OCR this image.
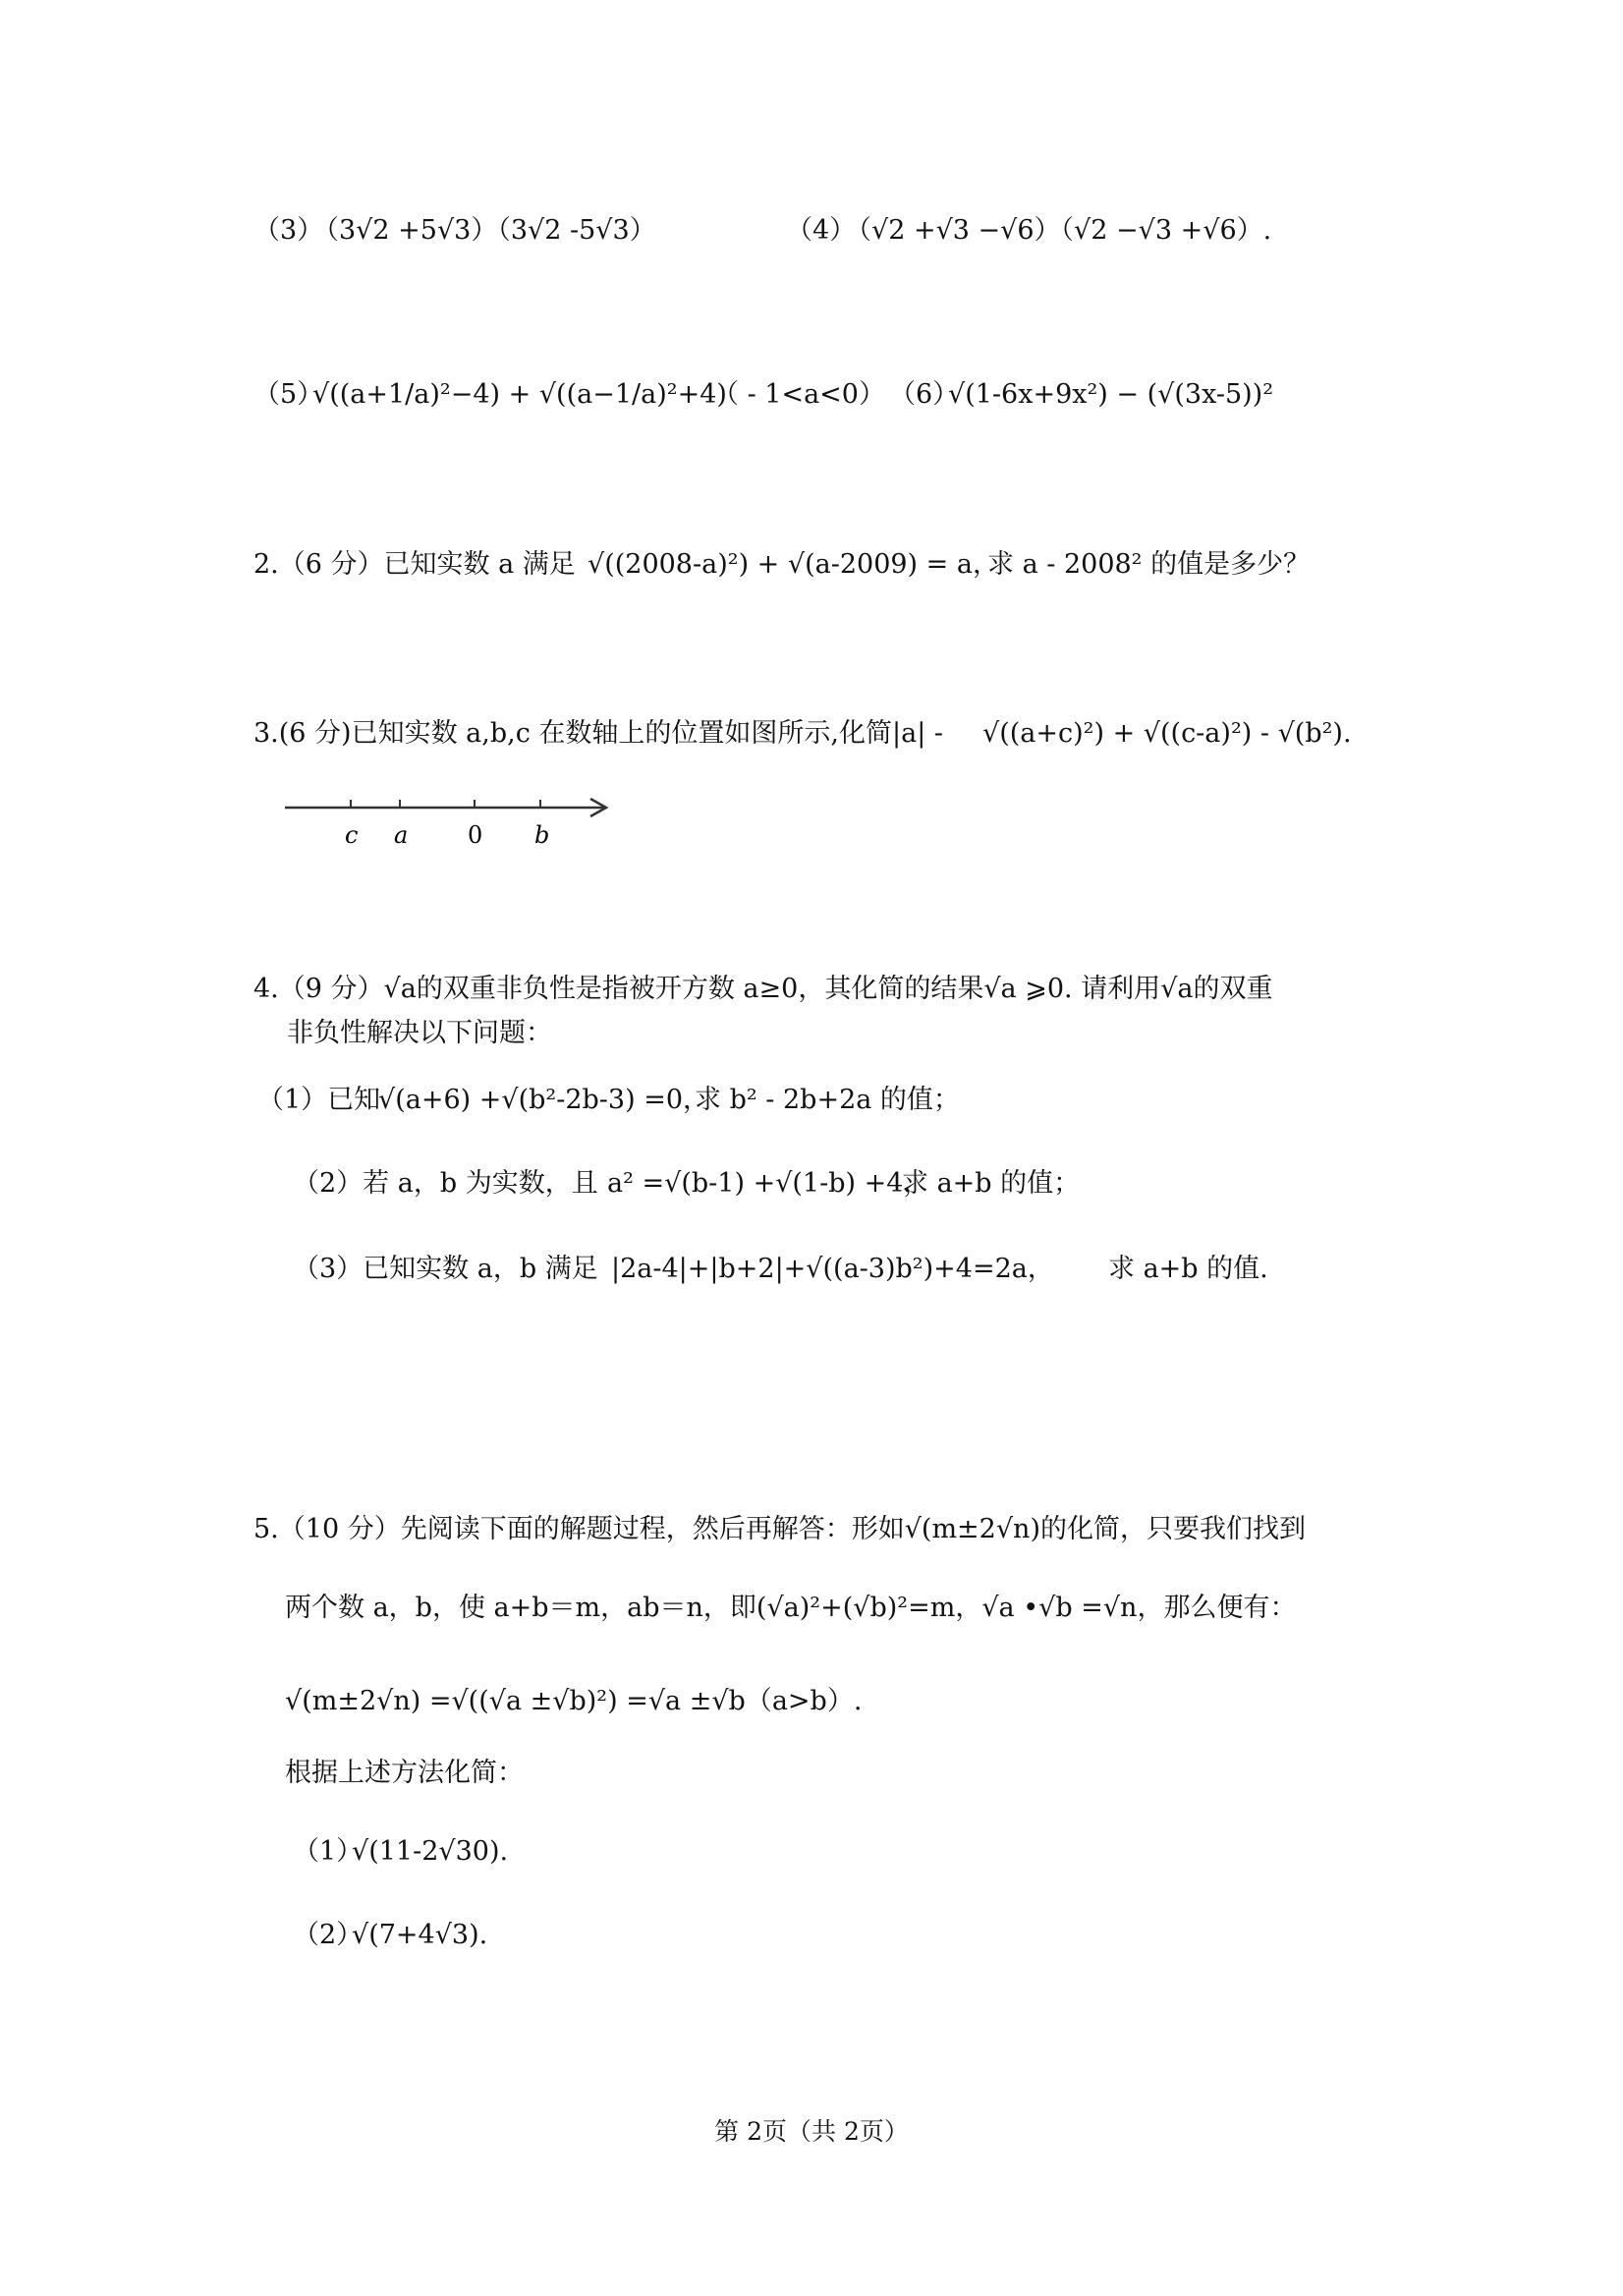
（3）
（3√2 +5√3）（3√2 -5√3）	（4）
（√2 +√3 −√6）（√2 −√3 +√6）.
（5）
√((a+1/a)²−4) + √((a−1/a)²+4)
（ - 1<a<0） （6）
√(1-6x+9x²) − (√(3x-5))²
2.（6 分）已知实数 a 满足 √((2008-a)²) + √(a-2009) = a，
求 a - 2008² 的值是多少？
3.(6 分)已知实数 a,b,c 在数轴上的位置如图所示,化简|a| - √((a+c)²) + √((c-a)²) - √(b²).
c a	0 b
4.（9 分）√a的双重非负性是指被开方数 a≥0，其化简的结果√a ⩾0. 请利用√a的双重
非负性解决以下问题：
（1）已知
√(a+6) +√(b²-2b-3) =0，
求 b² - 2b+2a 的值；
（2）若 a，b 为实数，且 a² =√(b-1) +√(1-b) +4，
求 a+b 的值；
（3）已知实数 a，b 满足 |2a-4|+|b+2|+√((a-3)b²)+4=2a， 求 a+b 的值.
5.（10 分）先阅读下面的解题过程，然后再解答：形如√(m±2√n)的化简，只要我们找到
两个数 a，b，使 a+b＝m，ab＝n，即(√a)²+(√b)²=m，√a •√b =√n，那么便有：
√(m±2√n) =√((√a ±√b)²) =√a ±√b（a>b）.
根据上述方法化简：
（1）
√(11-2√30).
（2）
√(7+4√3).
第 2页（共 2页）
